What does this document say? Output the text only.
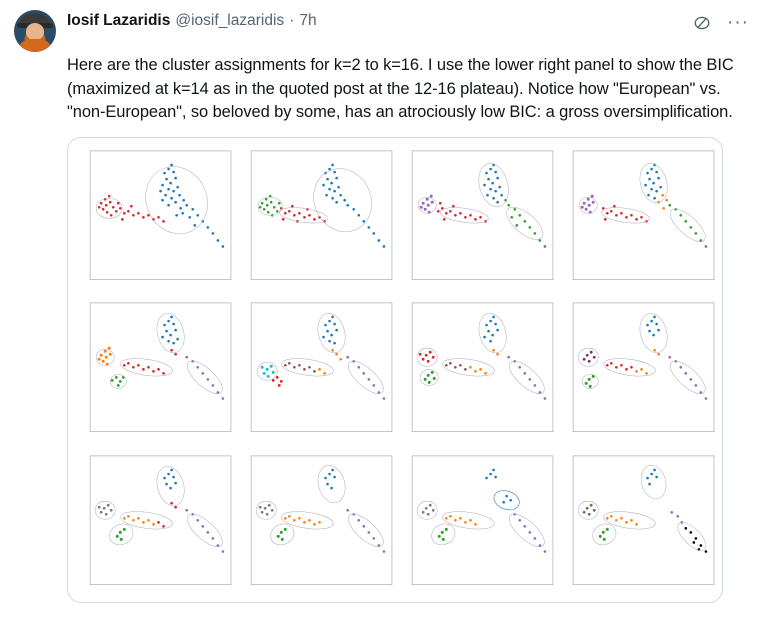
Iosif Lazaridis @iosif_lazaridis · 7h	···
Here are the cluster assignments for k=2 to k=16. I use the lower right panel to show the BIC (maximized at k=14 as in the quoted post at the 12-16 plateau). Notice how "European" vs. "non-European", so beloved by some, has an atrociously low BIC: a gross oversimplification.
